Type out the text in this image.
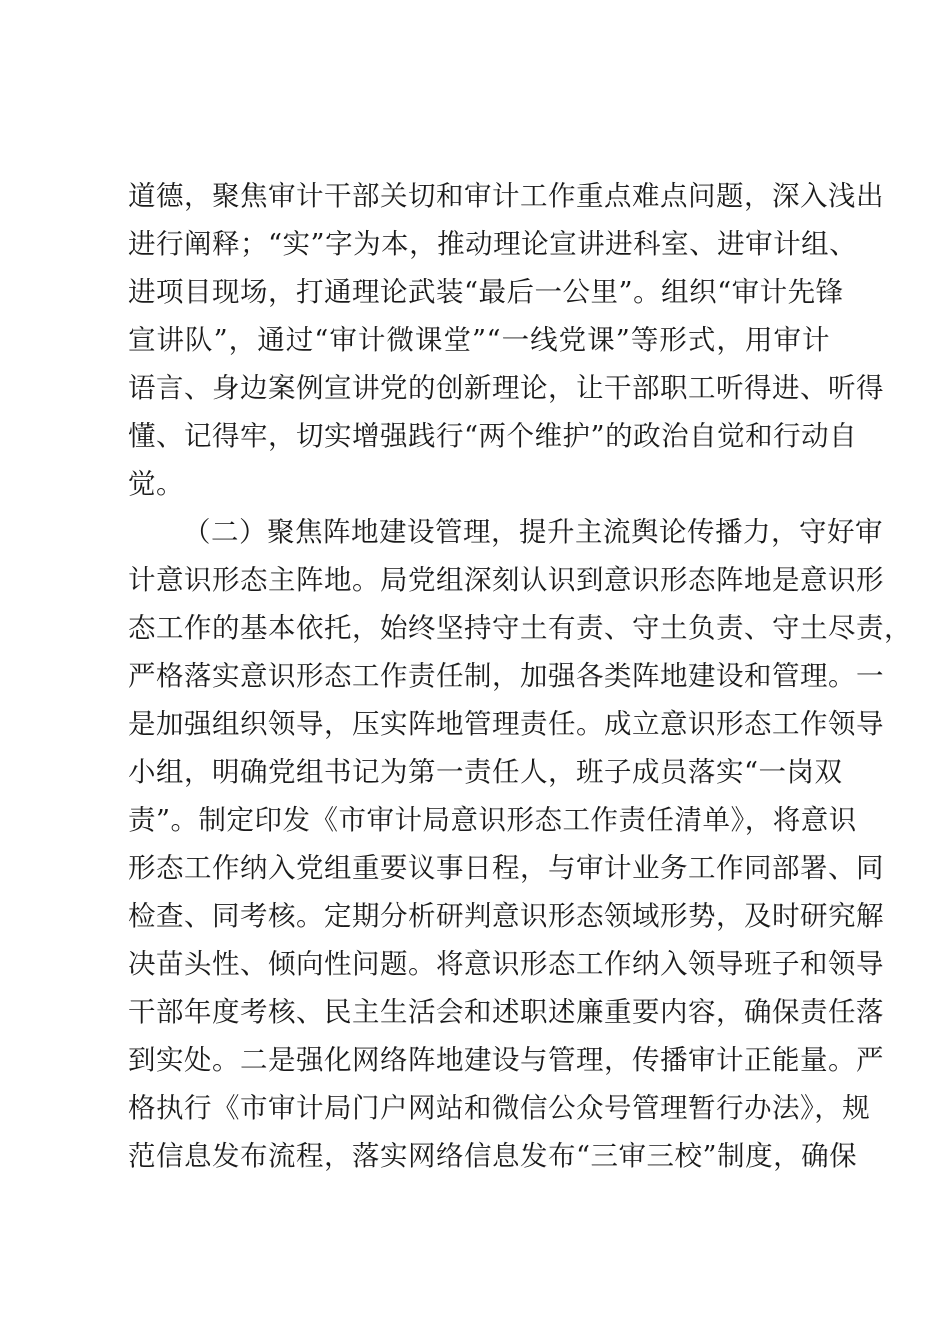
道德，聚焦审计干部关切和审计工作重点难点问题，深入浅出
进行阐释；“实”字为本，推动理论宣讲进科室、进审计组、
进项目现场，打通理论武装“最后一公里”。组织“审计先锋
宣讲队”，通过“审计微课堂”“一线党课”等形式，用审计
语言、身边案例宣讲党的创新理论，让干部职工听得进、听得
懂、记得牢，切实增强践行“两个维护”的政治自觉和行动自
觉。
（二）聚焦阵地建设管理，提升主流舆论传播力，守好审
计意识形态主阵地。局党组深刻认识到意识形态阵地是意识形
态工作的基本依托，始终坚持守土有责、守土负责、守土尽责，
严格落实意识形态工作责任制，加强各类阵地建设和管理。一
是加强组织领导，压实阵地管理责任。成立意识形态工作领导
小组，明确党组书记为第一责任人，班子成员落实“一岗双
责”。制定印发《市审计局意识形态工作责任清单》，将意识
形态工作纳入党组重要议事日程，与审计业务工作同部署、同
检查、同考核。定期分析研判意识形态领域形势，及时研究解
决苗头性、倾向性问题。将意识形态工作纳入领导班子和领导
干部年度考核、民主生活会和述职述廉重要内容，确保责任落
到实处。二是强化网络阵地建设与管理，传播审计正能量。严
格执行《市审计局门户网站和微信公众号管理暂行办法》，规
范信息发布流程，落实网络信息发布“三审三校”制度，确保
